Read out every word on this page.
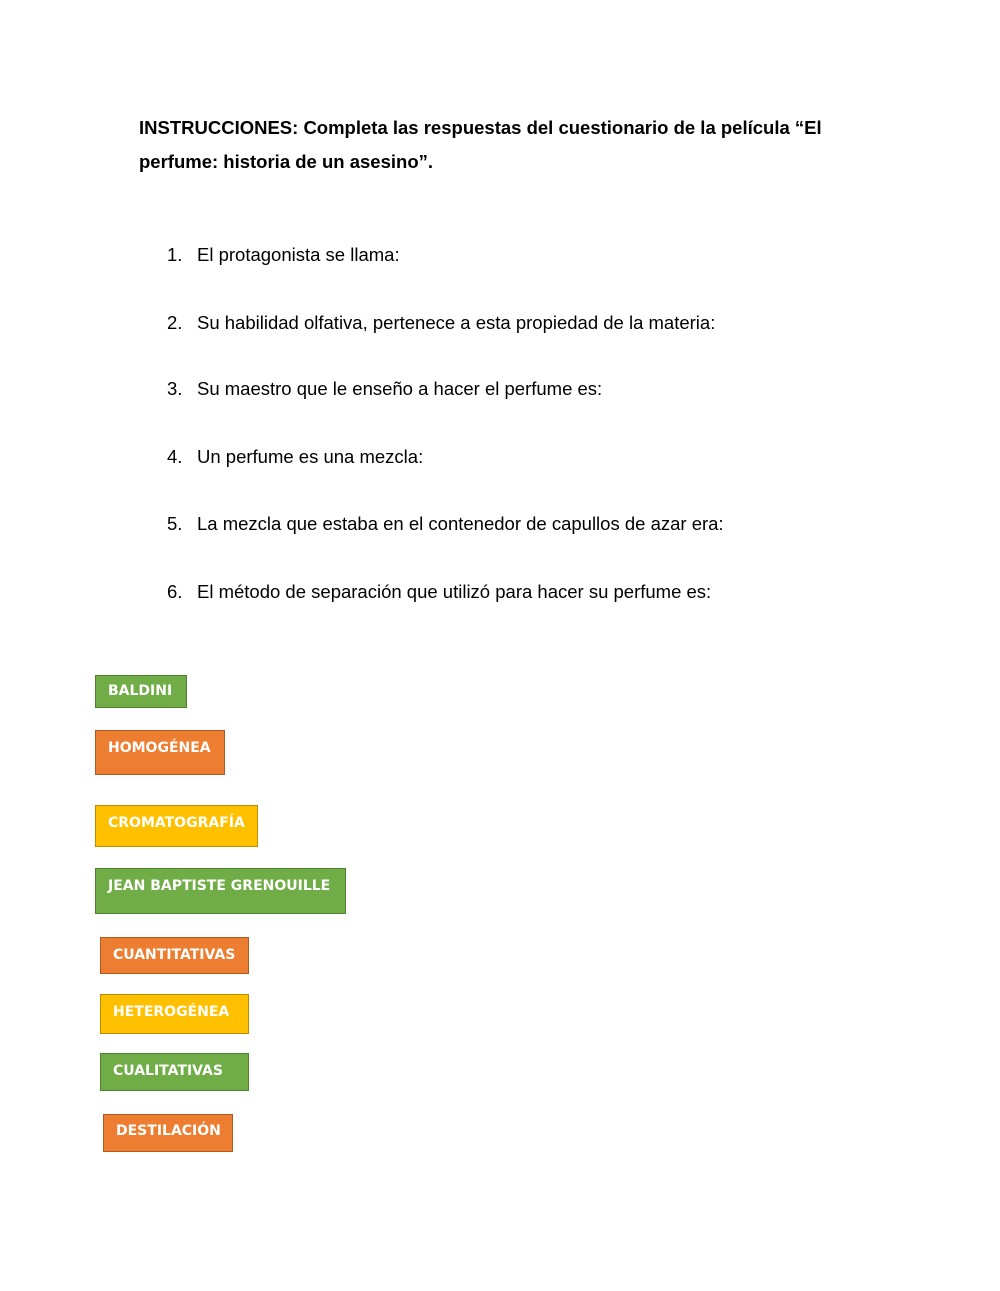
INSTRUCCIONES: Completa las respuestas del cuestionario de la película “El perfume: historia de un asesino”.

1. El protagonista se llama:
2. Su habilidad olfativa, pertenece a esta propiedad de la materia:
3. Su maestro que le enseño a hacer el perfume es:
4. Un perfume es una mezcla:
5. La mezcla que estaba en el contenedor de capullos de azar era:
6. El método de separación que utilizó para hacer su perfume es:
BALDINI
HOMOGÉNEA
CROMATOGRAFÍA
JEAN BAPTISTE GRENOUILLE
CUANTITATIVAS
HETEROGÉNEA
CUALITATIVAS
DESTILACIÓN
